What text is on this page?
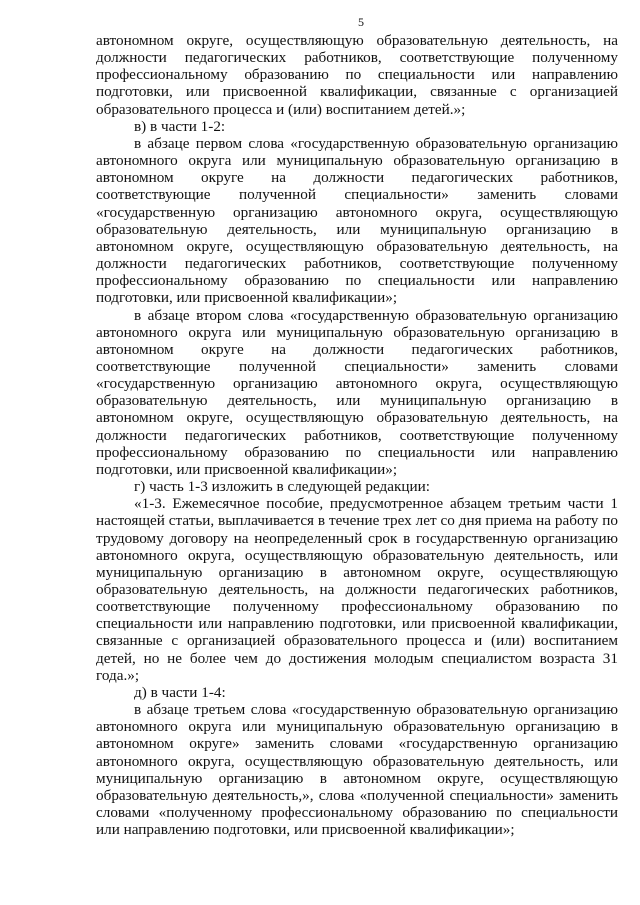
5

автономном округе, осуществляющую образовательную деятельность, на должности педагогических работников, соответствующие полученному профессиональному образованию по специальности или направлению подготовки, или присвоенной квалификации, связанные с организацией образовательного процесса и (или) воспитанием детей.»;

в) в части 1-2:

в абзаце первом слова «государственную образовательную организацию автономного округа или муниципальную образовательную организацию в автономном округе на должности педагогических работников, соответствующие полученной специальности» заменить словами «государственную организацию автономного округа, осуществляющую образовательную деятельность, или муниципальную организацию в автономном округе, осуществляющую образовательную деятельность, на должности педагогических работников, соответствующие полученному профессиональному образованию по специальности или направлению подготовки, или присвоенной квалификации»;

в абзаце втором слова «государственную образовательную организацию автономного округа или муниципальную образовательную организацию в автономном округе на должности педагогических работников, соответствующие полученной специальности» заменить словами «государственную организацию автономного округа, осуществляющую образовательную деятельность, или муниципальную организацию в автономном округе, осуществляющую образовательную деятельность, на должности педагогических работников, соответствующие полученному профессиональному образованию по специальности или направлению подготовки, или присвоенной квалификации»;

г) часть 1-3 изложить в следующей редакции:

«1-3. Ежемесячное пособие, предусмотренное абзацем третьим части 1 настоящей статьи, выплачивается в течение трех лет со дня приема на работу по трудовому договору на неопределенный срок в государственную организацию автономного округа, осуществляющую образовательную деятельность, или муниципальную организацию в автономном округе, осуществляющую образовательную деятельность, на должности педагогических работников, соответствующие полученному профессиональному образованию по специальности или направлению подготовки, или присвоенной квалификации, связанные с организацией образовательного процесса и (или) воспитанием детей, но не более чем до достижения молодым специалистом возраста 31 года.»;

д) в части 1-4:

в абзаце третьем слова «государственную образовательную организацию автономного округа или муниципальную образовательную организацию в автономном округе» заменить словами «государственную организацию автономного округа, осуществляющую образовательную деятельность, или муниципальную организацию в автономном округе, осуществляющую образовательную деятельность,», слова «полученной специальности» заменить словами «полученному профессиональному образованию по специальности или направлению подготовки, или присвоенной квалификации»;
